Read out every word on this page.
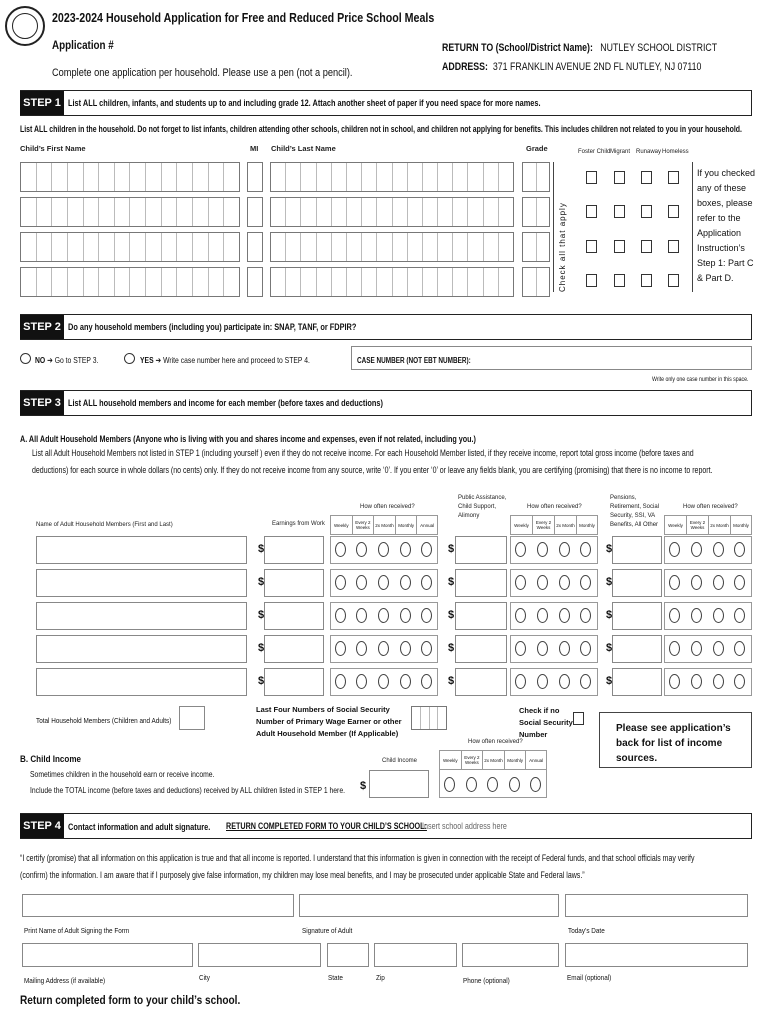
2023-2024 Household Application for Free and Reduced Price School Meals
Application #
Complete one application per household. Please use a pen (not a pencil).
RETURN TO (School/District Name): NUTLEY SCHOOL DISTRICT
ADDRESS: 371 FRANKLIN AVENUE 2ND FL NUTLEY, NJ 07110
STEP 1 List ALL children, infants, and students up to and including grade 12. Attach another sheet of paper if you need space for more names.
List ALL children in the household. Do not forget to list infants, children attending other schools, children not in school, and children not applying for benefits. This includes children not related to you in your household.
Child’s First Name	MI Child’s Last Name	Grade	Foster Child Migrant Runaway Homeless
Check all that apply
If you checked any of these boxes, please refer to the Application Instruction’s Step 1: Part C & Part D.
STEP 2 Do any household members (including you) participate in: SNAP, TANF, or FDPIR?
NO ➔ Go to STEP 3.	YES ➔ Write case number here and proceed to STEP 4.	CASE NUMBER (NOT EBT NUMBER):
Write only one case number in this space.
STEP 3 List ALL household members and income for each member (before taxes and deductions)
A. All Adult Household Members (Anyone who is living with you and shares income and expenses, even if not related, including you.)
List all Adult Household Members not listed in STEP 1 (including yourself ) even if they do not receive income. For each Household Member listed, if they receive income, report total gross income (before taxes and
deductions) for each source in whole dollars (no cents) only. If they do not receive income from any source, write ‘0’. If you enter ‘0’ or leave any fields blank, you are certifying (promising) that there is no income to report.
Name of Adult Household Members (First and Last)	Earnings from Work
How often received?
Public Assistance, Child Support, Alimony
How often received?
Pensions, Retirement, Social Security, SSI, VA Benefits, All Other
How often received?
Weekly	Every 2 Weeks	2x Month Monthly	Annual	Weekly	Every 2 Weeks	2x Month Monthly	Weekly	Every 2 Weeks	2x Month Monthly
$	$	$
$	$	$
$	$	$
$	$	$
$	$	$
Total Household Members (Children and Adults)
Last Four Numbers of Social Security Number of Primary Wage Earner or other Adult Household Member (If Applicable)
Check if no Social Security Number
Please see application’s back for list of income sources.
B. Child Income
Sometimes children in the household earn or receive income.
Include the TOTAL income (before taxes and deductions) received by ALL children listed in STEP 1 here.
Child Income
$
How often received?
Weekly	Every 2 Weeks	2x Month Monthly	Annual
STEP 4 Contact information and adult signature.	RETURN COMPLETED FORM TO YOUR CHILD’S SCHOOL:
Insert school address here
“I certify (promise) that all information on this application is true and that all income is reported. I understand that this information is given in connection with the receipt of Federal funds, and that school officials may verify
(confirm) the information. I am aware that if I purposely give false information, my children may lose meal benefits, and I may be prosecuted under applicable State and Federal laws.”
Print Name of Adult Signing the Form	Signature of Adult	Today’s Date
Mailing Address (if available)	City	State	Zip	Phone (optional)	Email (optional)
Return completed form to your child’s school.
